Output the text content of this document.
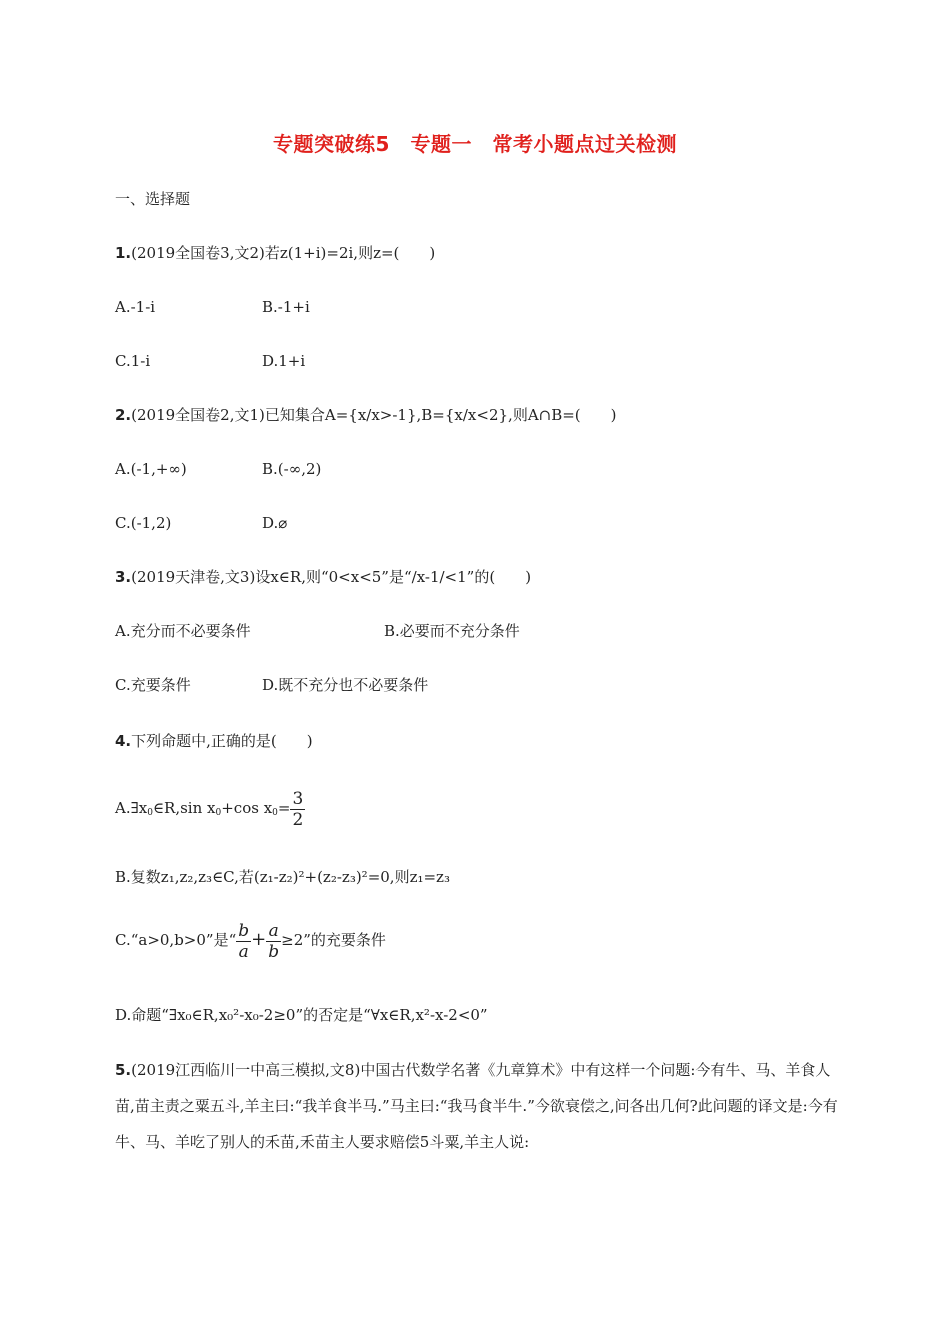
专题突破练5　专题一　常考小题点过关检测
一、选择题
1.(2019全国卷3,文2)若z(1+i)=2i,则z=(　　)
A.-1-i	B.-1+i
C.1-i	D.1+i
2.(2019全国卷2,文1)已知集合A={x/x>-1},B={x/x<2},则A∩B=(　　)
A.(-1,+∞)	B.(-∞,2)
C.(-1,2)	D.⌀
3.(2019天津卷,文3)设x∈R,则“0<x<5”是“/x-1/<1”的(　　)
A.充分而不必要条件	B.必要而不充分条件
C.充要条件	D.既不充分也不必要条件
4.下列命题中,正确的是(　　)
$A.\exists x_0\in R,\sin$ $x_0+\cos$ $x_0= \frac{3}{2}$
B.复数z₁,z₂,z₃∈C,若(z₁-z₂)²+(z₂-z₃)²=0,则z₁=z₃
C.“a>0,b>0”是“ $\frac{b}{a} + \frac{a}{b} \ge 2$”的充要条件
D.命题“∃x₀∈R,x₀²-x₀-2≥0”的否定是“∀x∈R,x²-x-2<0”
5.(2019江西临川一中高三模拟,文8)中国古代数学名著《九章算术》中有这样一个问题:今有牛、马、羊食人苗,苗主责之粟五斗,羊主曰:“我羊食半马.”马主曰:“我马食半牛.”今欲衰偿之,问各出几何?此问题的译文是:今有牛、马、羊吃了别人的禾苗,禾苗主人要求赔偿5斗粟,羊主人说:
